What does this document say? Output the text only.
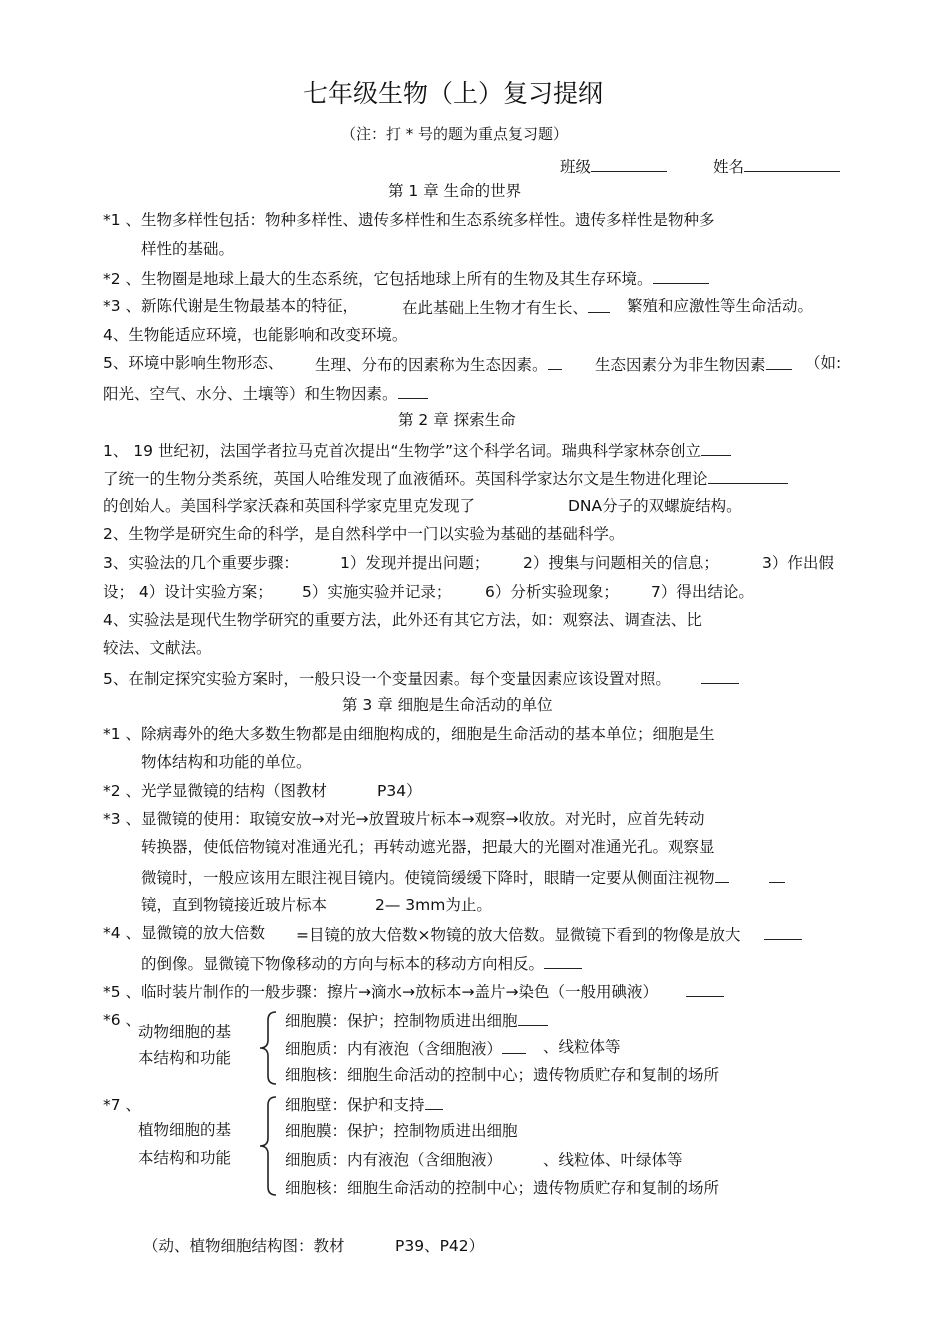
七年级生物（上）复习提纲
（注：打 * 号的题为重点复习题）
班级	姓名
第 1 章 生命的世界
*1 、生物多样性包括：物种多样性、遗传多样性和生态系统多样性。遗传多样性是物种多
样性的基础。
*2 、生物圈是地球上最大的生态系统，它包括地球上所有的生物及其生存环境。
*3 、新陈代谢是生物最基本的特征，	在此基础上生物才有生长、	繁殖和应激性等生命活动。
4、生物能适应环境，也能影响和改变环境。
5、环境中影响生物形态、 生理、分布的因素称为生态因素。	生态因素分为非生物因素	（如:
阳光、空气、水分、土壤等）和生物因素。
第 2 章 探索生命
1、 19 世纪初，法国学者拉马克首次提出“生物学”这个科学名词。瑞典科学家林奈创立
了统一的生物分类系统，英国人哈维发现了血液循环。英国科学家达尔文是生物进化理论
的创始人。美国科学家沃森和英国科学家克里克发现了	DNA分子的双螺旋结构。
2、生物学是研究生命的科学，是自然科学中一门以实验为基础的基础科学。
3、实验法的几个重要步骤：	1）发现并提出问题； 2）搜集与问题相关的信息；	3）作出假
设； 4）设计实验方案； 5）实施实验并记录； 6）分析实验现象； 7）得出结论。
4、实验法是现代生物学研究的重要方法，此外还有其它方法，如：观察法、调查法、比
较法、文献法。
5、在制定探究实验方案时，一般只设一个变量因素。每个变量因素应该设置对照。
第 3 章 细胞是生命活动的单位
*1 、除病毒外的绝大多数生物都是由细胞构成的，细胞是生命活动的基本单位；细胞是生
物体结构和功能的单位。
*2 、光学显微镜的结构（图教材	P34）
*3 、显微镜的使用：取镜安放→对光→放置玻片标本→观察→收放。对光时，应首先转动
转换器，使低倍物镜对准通光孔；再转动遮光器，把最大的光圈对准通光孔。观察显
微镜时，一般应该用左眼注视目镜内。使镜筒缓缓下降时，眼睛一定要从侧面注视物
镜，直到物镜接近玻片标本	2— 3mm为止。
*4 、显微镜的放大倍数 =目镜的放大倍数×物镜的放大倍数。显微镜下看到的物像是放大
的倒像。显微镜下物像移动的方向与标本的移动方向相反。
*5 、临时装片制作的一般步骤：擦片→滴水→放标本→盖片→染色（一般用碘液）
*6 、
动物细胞的基
本结构和功能
细胞膜：保护；控制物质进出细胞
细胞质：内有液泡（含细胞液）	、线粒体等
细胞核：细胞生命活动的控制中心；遗传物质贮存和复制的场所
*7 、
植物细胞的基
本结构和功能
细胞壁：保护和支持
细胞膜：保护；控制物质进出细胞
细胞质：内有液泡（含细胞液）	、线粒体、叶绿体等
细胞核：细胞生命活动的控制中心；遗传物质贮存和复制的场所
（动、植物细胞结构图：教材	P39、P42）
